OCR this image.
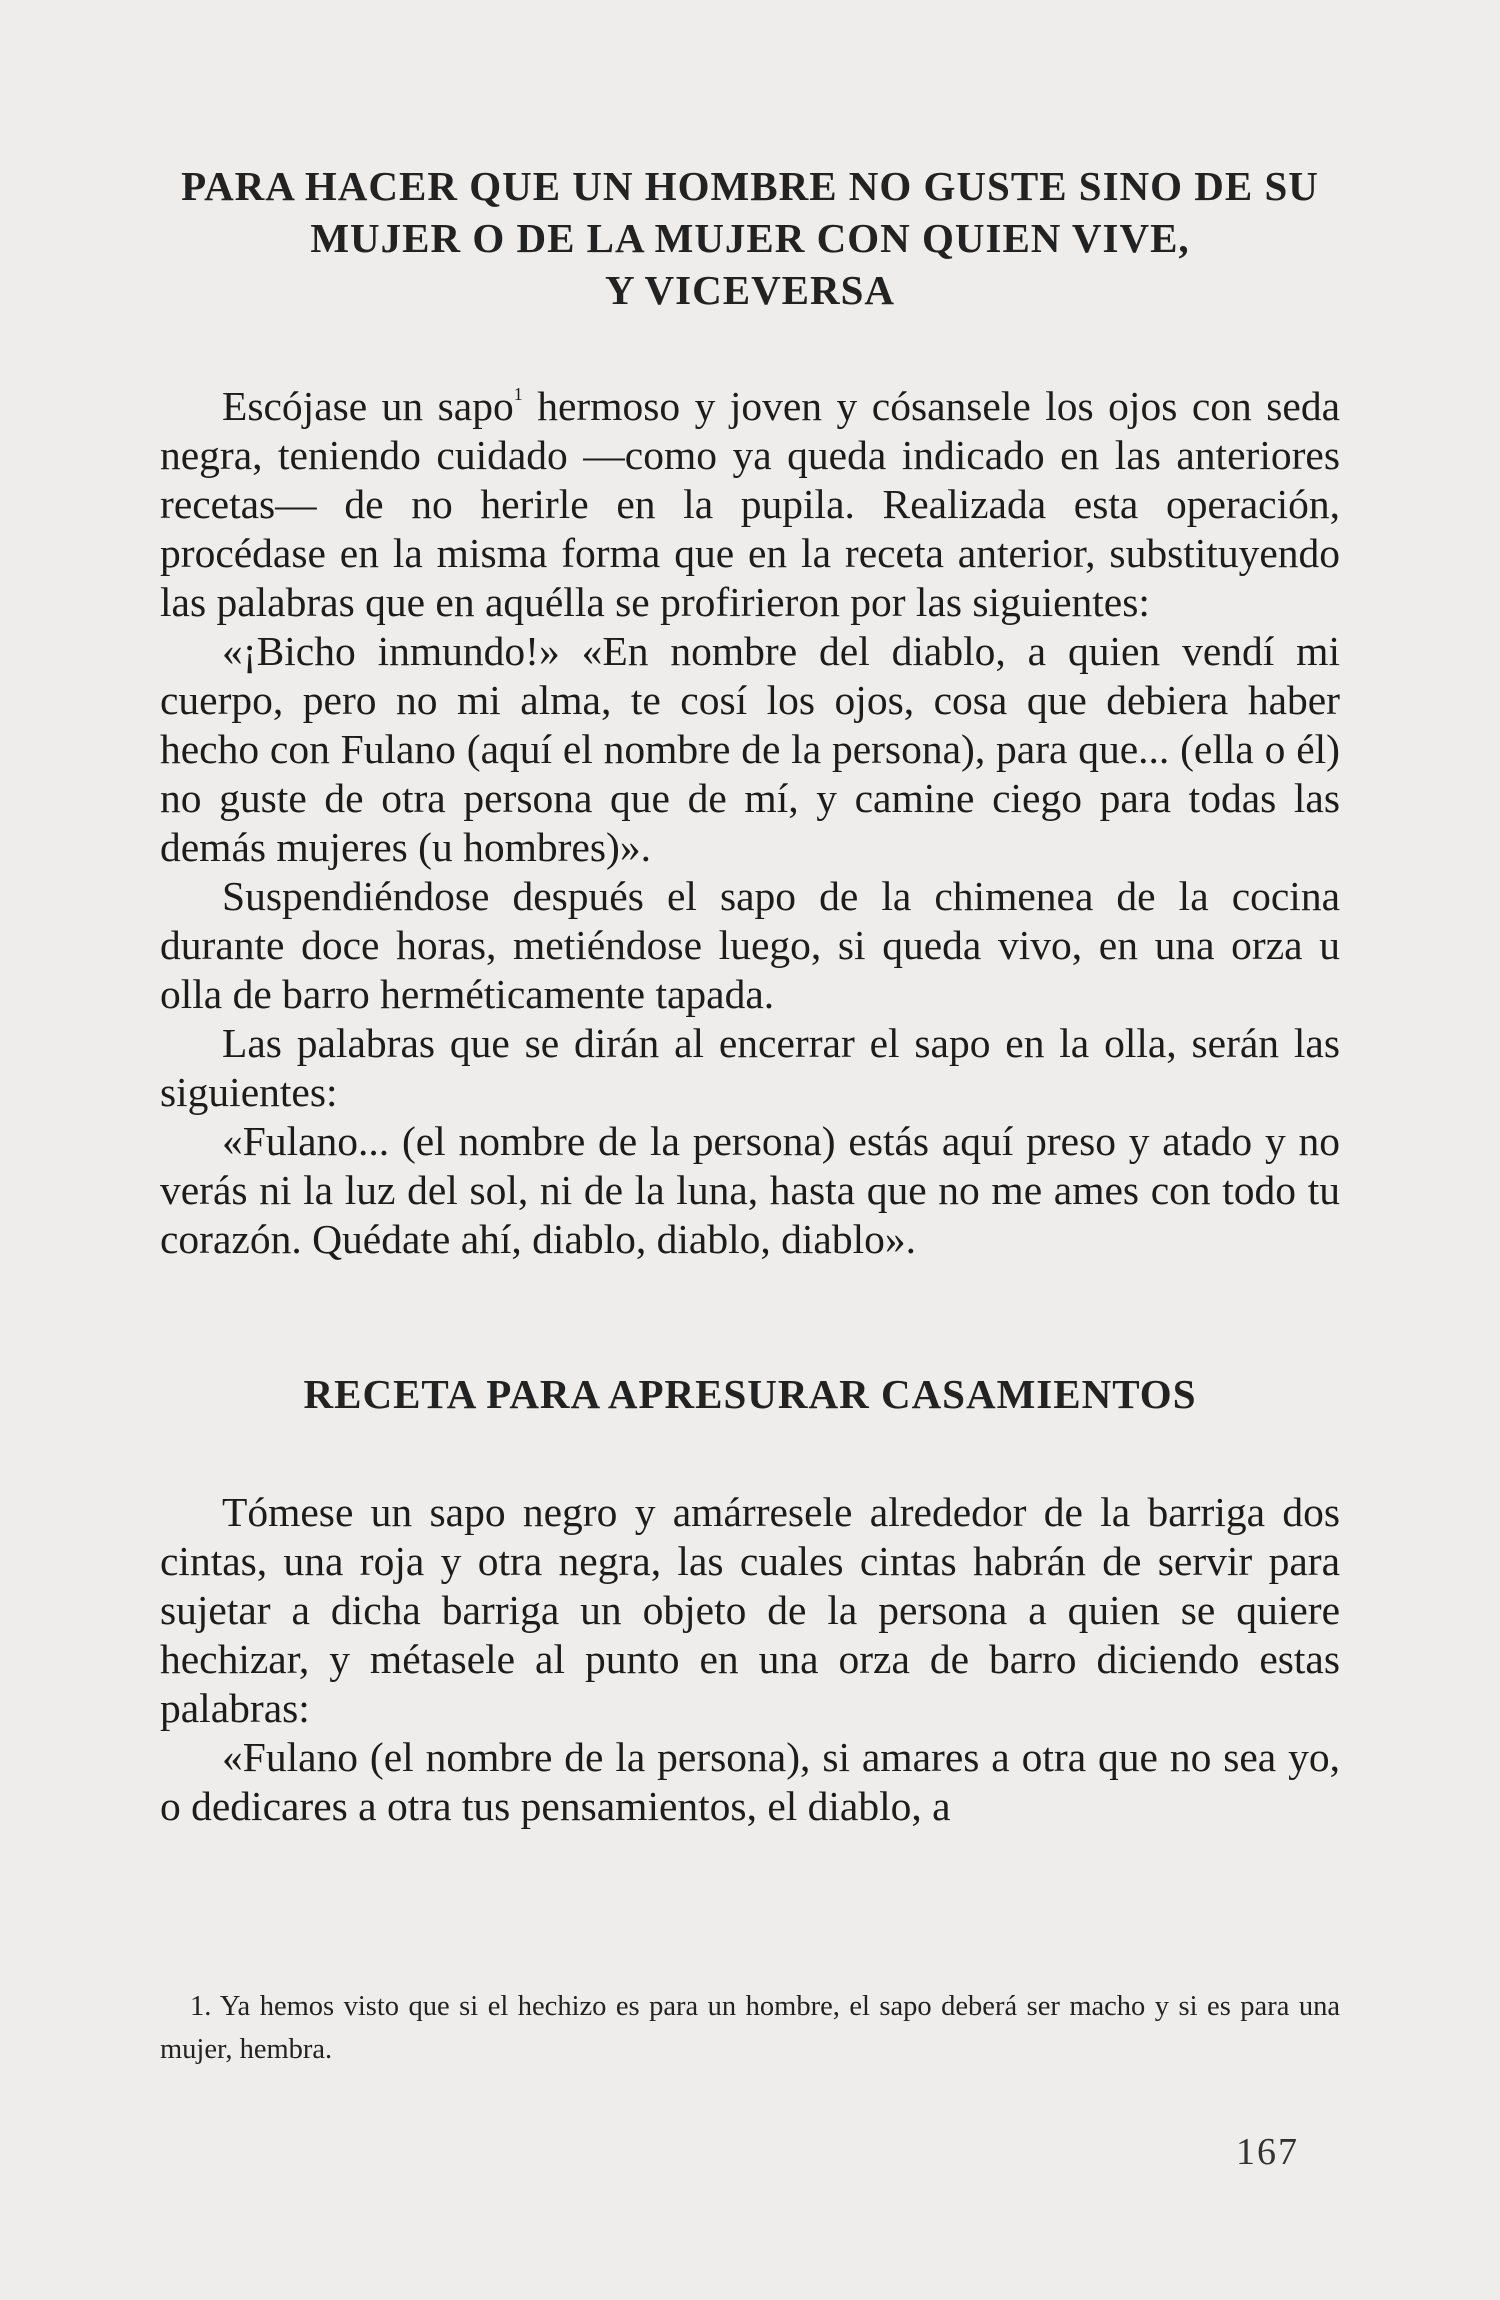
PARA HACER QUE UN HOMBRE NO GUSTE SINO DE SU
MUJER O DE LA MUJER CON QUIEN VIVE,
Y VICEVERSA

Escójase un sapo$^1$ hermoso y joven y cósansele los ojos con seda negra, teniendo cuidado —como ya queda indicado en las anteriores recetas— de no herirle en la pupila. Realizada esta operación, procédase en la misma forma que en la receta anterior, substituyendo las palabras que en aquélla se profirieron por las siguientes:

«¡Bicho inmundo!» «En nombre del diablo, a quien vendí mi cuerpo, pero no mi alma, te cosí los ojos, cosa que debiera haber hecho con Fulano (aquí el nombre de la persona), para que... (ella o él) no guste de otra persona que de mí, y camine ciego para todas las demás mujeres (u hombres)».

Suspendiéndose después el sapo de la chimenea de la cocina durante doce horas, metiéndose luego, si queda vivo, en una orza u olla de barro herméticamente tapada.

Las palabras que se dirán al encerrar el sapo en la olla, serán las siguientes:

«Fulano... (el nombre de la persona) estás aquí preso y atado y no verás ni la luz del sol, ni de la luna, hasta que no me ames con todo tu corazón. Quédate ahí, diablo, diablo, diablo».

RECETA PARA APRESURAR CASAMIENTOS

Tómese un sapo negro y amárresele alrededor de la barriga dos cintas, una roja y otra negra, las cuales cintas habrán de servir para sujetar a dicha barriga un objeto de la persona a quien se quiere hechizar, y métasele al punto en una orza de barro diciendo estas palabras:

«Fulano (el nombre de la persona), si amares a otra que no sea yo, o dedicares a otra tus pensamientos, el diablo, a

1. Ya hemos visto que si el hechizo es para un hombre, el sapo deberá ser macho y si es para una mujer, hembra.
167
